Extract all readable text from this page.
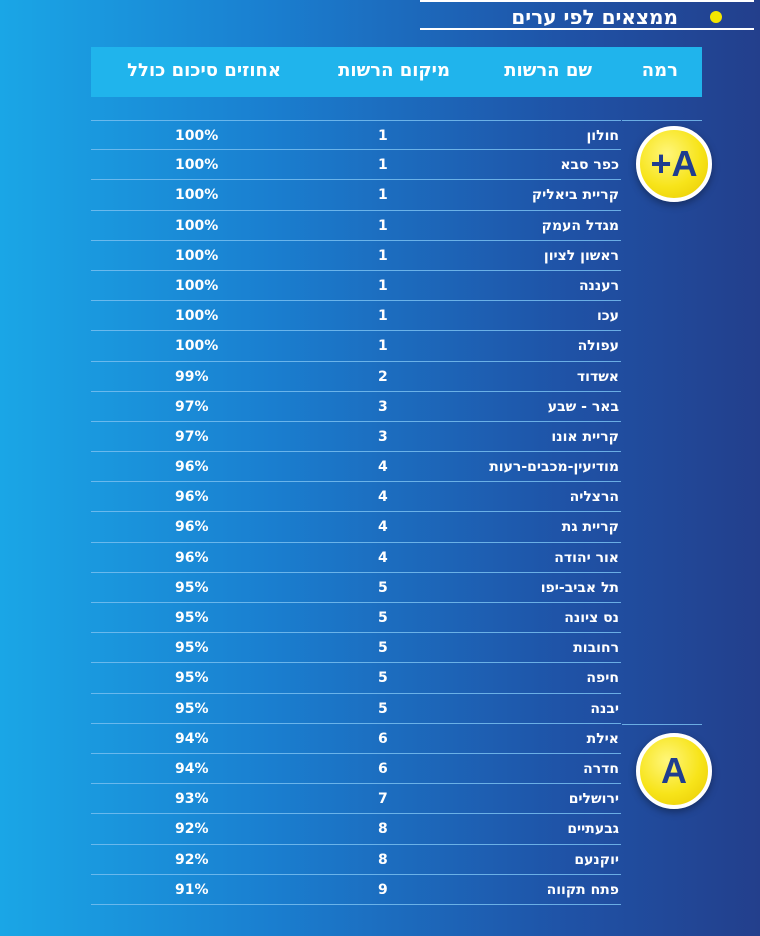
ממצאים לפי ערים
רמה
שם הרשות
מיקום הרשות
אחוזים סיכום כולל
+A
A
חולון
1
100%
כפר סבא
1
100%
קריית ביאליק
1
100%
מגדל העמק
1
100%
ראשון לציון
1
100%
רעננה
1
100%
עכו
1
100%
עפולה
1
100%
אשדוד
2
99%
באר - שבע
3
97%
קריית אונו
3
97%
מודיעין-מכבים-רעות
4
96%
הרצליה
4
96%
קריית גת
4
96%
אור יהודה
4
96%
תל אביב-יפו
5
95%
נס ציונה
5
95%
רחובות
5
95%
חיפה
5
95%
יבנה
5
95%
אילת
6
94%
חדרה
6
94%
ירושלים
7
93%
גבעתיים
8
92%
יוקנעם
8
92%
פתח תקווה
9
91%
